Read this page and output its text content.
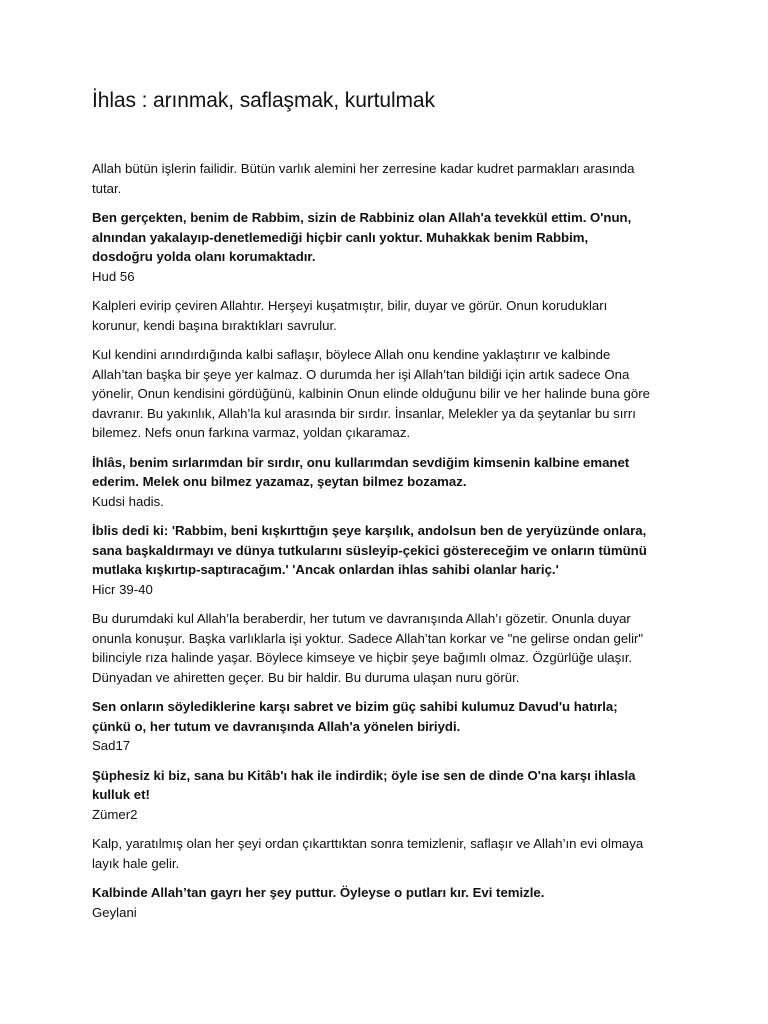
İhlas : arınmak, saflaşmak, kurtulmak

Allah bütün işlerin failidir. Bütün varlık alemini her zerresine kadar kudret parmakları arasında tutar.

Ben gerçekten, benim de Rabbim, sizin de Rabbiniz olan Allah'a tevekkül ettim. O'nun, alnından yakalayıp-denetlemediği hiçbir canlı yoktur. Muhakkak benim Rabbim, dosdoğru yolda olanı korumaktadır.
Hud 56

Kalpleri evirip çeviren Allahtır. Herşeyi kuşatmıştır, bilir, duyar ve görür. Onun korudukları korunur, kendi başına bıraktıkları savrulur.

Kul kendini arındırdığında kalbi saflaşır, böylece Allah onu kendine yaklaştırır ve kalbinde Allah’tan başka bir şeye yer kalmaz. O durumda her işi Allah’tan bildiği için artık sadece Ona yönelir, Onun kendisini gördüğünü, kalbinin Onun elinde olduğunu bilir ve her halinde buna göre davranır. Bu yakınlık, Allah’la kul arasında bir sırdır. İnsanlar, Melekler ya da şeytanlar bu sırrı bilemez. Nefs onun farkına varmaz, yoldan çıkaramaz.

İhlâs, benim sırlarımdan bir sırdır, onu kullarımdan sevdiğim kimsenin kalbine emanet ederim. Melek onu bilmez yazamaz, şeytan bilmez bozamaz.
Kudsi hadis.

İblis dedi ki: 'Rabbim, beni kışkırttığın şeye karşılık, andolsun ben de yeryüzünde onlara, sana başkaldırmayı ve dünya tutkularını süsleyip-çekici göstereceğim ve onların tümünü mutlaka kışkırtıp-saptıracağım.' 'Ancak onlardan ihlas sahibi olanlar hariç.'
Hicr 39-40

Bu durumdaki kul Allah’la beraberdir, her tutum ve davranışında Allah’ı gözetir. Onunla duyar onunla konuşur. Başka varlıklarla işi yoktur. Sadece Allah’tan korkar ve "ne gelirse ondan gelir" bilinciyle rıza halinde yaşar. Böylece kimseye ve hiçbir şeye bağımlı olmaz. Özgürlüğe ulaşır. Dünyadan ve ahiretten geçer. Bu bir haldir. Bu duruma ulaşan nuru görür.

Sen onların söylediklerine karşı sabret ve bizim güç sahibi kulumuz Davud'u hatırla; çünkü o, her tutum ve davranışında Allah'a yönelen biriydi.
Sad17

Şüphesiz ki biz, sana bu Kitâb'ı hak ile indirdik; öyle ise sen de dinde O'na karşı ihlasla kulluk et!
Zümer2

Kalp, yaratılmış olan her şeyi ordan çıkarttıktan sonra temizlenir, saflaşır ve Allah’ın evi olmaya layık hale gelir.

Kalbinde Allah’tan gayrı her şey puttur. Öyleyse o putları kır. Evi temizle.
Geylani
